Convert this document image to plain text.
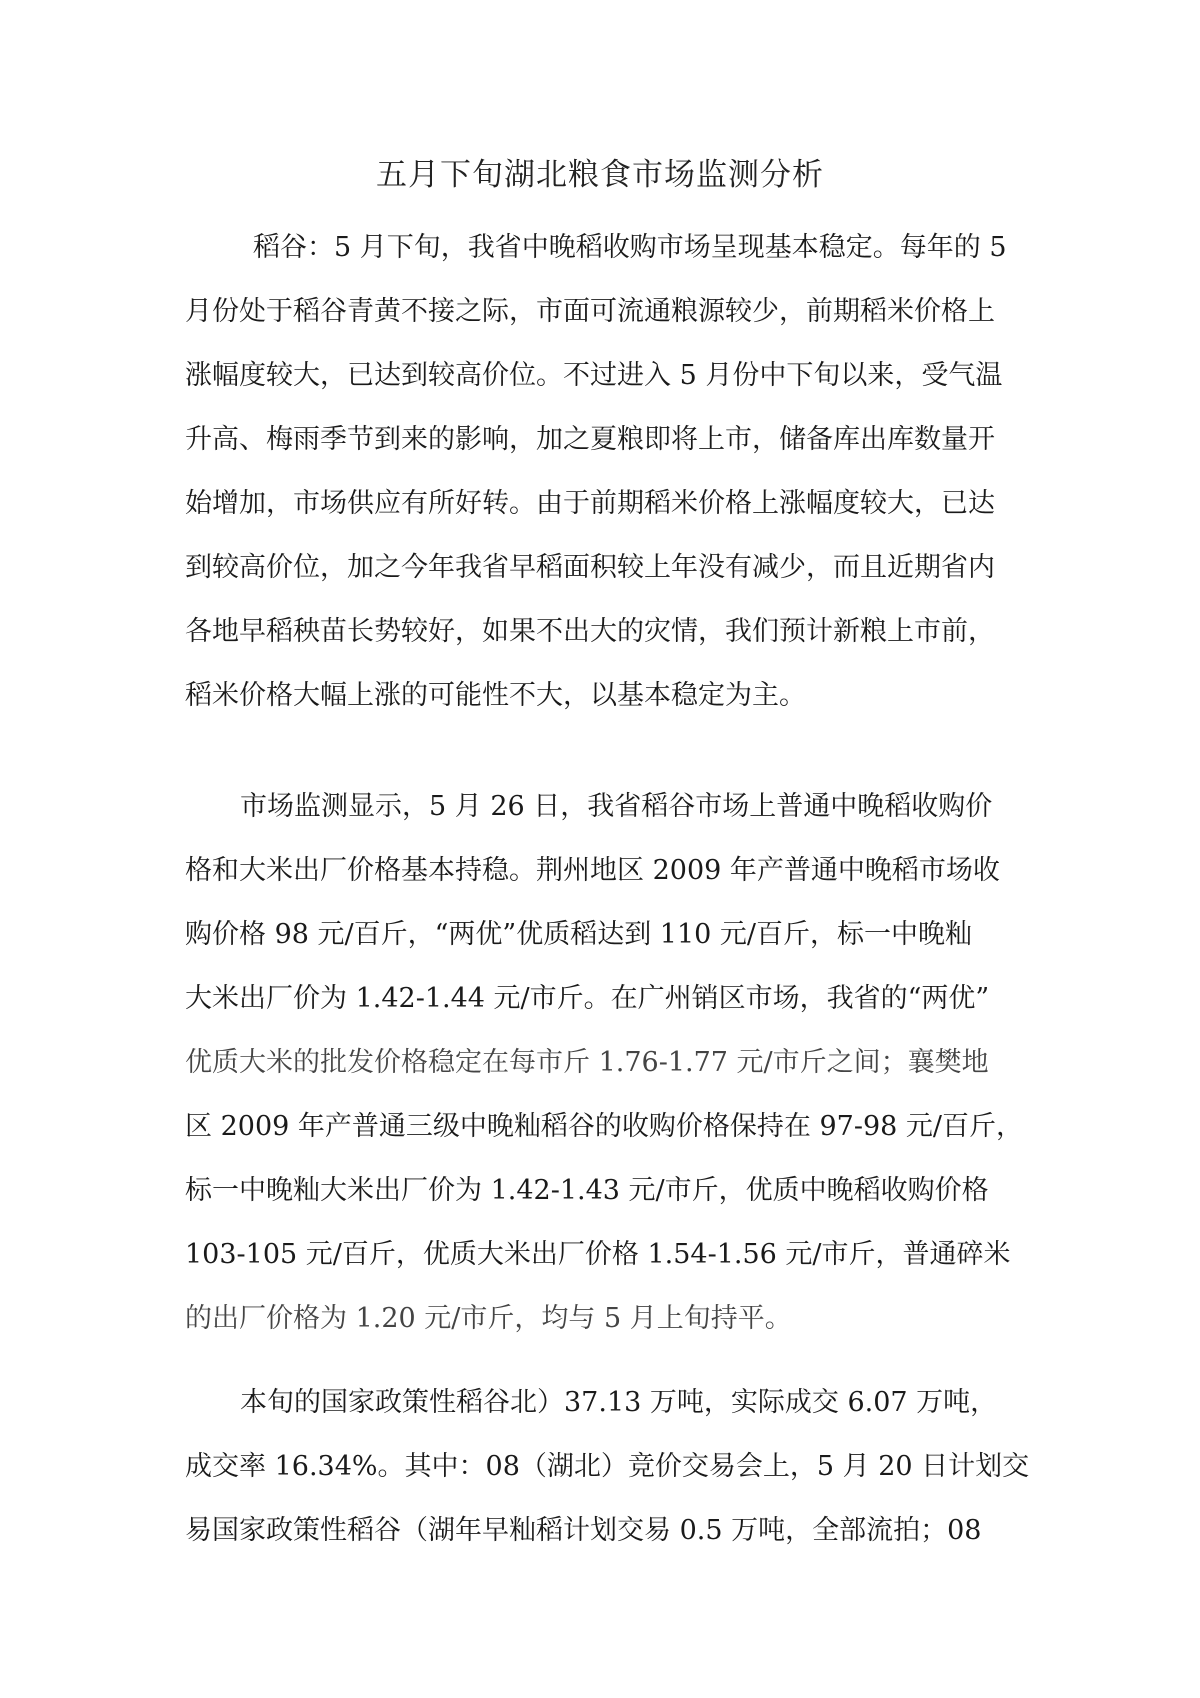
五月下旬湖北粮食市场监测分析
稻谷：5 月下旬，我省中晚稻收购市场呈现基本稳定。每年的 5
月份处于稻谷青黄不接之际，市面可流通粮源较少，前期稻米价格上
涨幅度较大，已达到较高价位。不过进入 5 月份中下旬以来，受气温
升高、梅雨季节到来的影响，加之夏粮即将上市，储备库出库数量开
始增加，市场供应有所好转。由于前期稻米价格上涨幅度较大，已达
到较高价位，加之今年我省早稻面积较上年没有减少，而且近期省内
各地早稻秧苗长势较好，如果不出大的灾情，我们预计新粮上市前，
稻米价格大幅上涨的可能性不大，以基本稳定为主。
市场监测显示，5 月 26 日，我省稻谷市场上普通中晚稻收购价
格和大米出厂价格基本持稳。荆州地区 2009 年产普通中晚稻市场收
购价格 98 元/百斤，“两优”优质稻达到 110 元/百斤，标一中晚籼
大米出厂价为 1.42-1.44 元/市斤。在广州销区市场，我省的“两优”
优质大米的批发价格稳定在每市斤 1.76-1.77 元/市斤之间；襄樊地
区 2009 年产普通三级中晚籼稻谷的收购价格保持在 97-98 元/百斤，
标一中晚籼大米出厂价为 1.42-1.43 元/市斤，优质中晚稻收购价格
103-105 元/百斤，优质大米出厂价格 1.54-1.56 元/市斤，普通碎米
的出厂价格为 1.20 元/市斤，均与 5 月上旬持平。
本旬的国家政策性稻谷北）37.13 万吨，实际成交 6.07 万吨，
成交率 16.34%。其中：08（湖北）竞价交易会上，5 月 20 日计划交
易国家政策性稻谷（湖年早籼稻计划交易 0.5 万吨，全部流拍；08
